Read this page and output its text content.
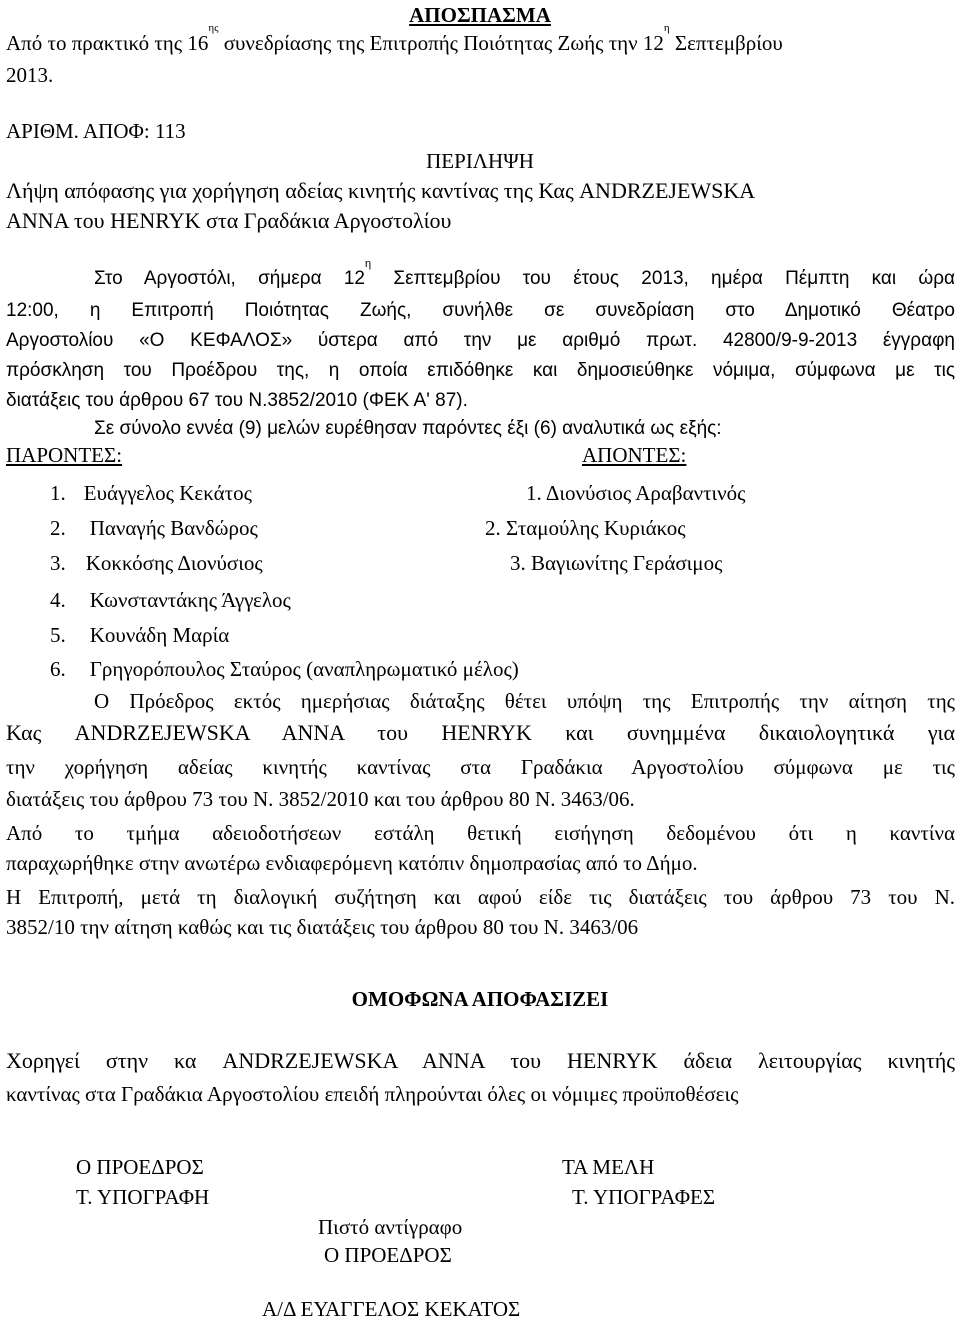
ΑΠΟΣΠΑΣΜΑ
Από το πρακτικό της $16^{\eta\varsigma}$ συνεδρίασης της Επιτροπής Ποιότητας Ζωής την $12^\eta$ Σεπτεμβρίου
2013.
ΑΡΙΘΜ. ΑΠΟΦ: 113
ΠΕΡΙΛΗΨΗ
Λήψη απόφασης για χορήγηση αδείας κινητής καντίνας της Κας ANDRZEJEWSKA
ANNA του HENRYK στα Γραδάκια Αργοστολίου
Στο Αργοστόλι, σήμερα $12^\eta$ Σεπτεμβρίου του έτους 2013, ημέρα Πέμπτη και ώρα
12:00, η Επιτροπή Ποιότητας Ζωής, συνήλθε σε συνεδρίαση στο Δημοτικό Θέατρο
Αργοστολίου «Ο ΚΕΦΑΛΟΣ» ύστερα από την με αριθμό πρωτ. 42800/9-9-2013 έγγραφη
πρόσκληση του Προέδρου της, η οποία επιδόθηκε και δημοσιεύθηκε νόμιμα, σύμφωνα με τις
διατάξεις του άρθρου 67 του Ν.3852/2010 (ΦΕΚ Α' 87).
Σε σύνολο εννέα (9) μελών ευρέθησαν παρόντες έξι (6) αναλυτικά ως εξής:
ΠΑΡΟΝΤΕΣ:	ΑΠΟΝΤΕΣ:
1. Ευάγγελος Κεκάτος
2. Παναγής Βανδώρος
3. Κοκκόσης Διονύσιος
4. Κωνσταντάκης Άγγελος
5. Κουνάδη Μαρία
6. Γρηγορόπουλος Σταύρος (αναπληρωματικό μέλος)
1. Διονύσιος Αραβαντινός
2. Σταμούλης Κυριάκος
3. Βαγιωνίτης Γεράσιμος
Ο Πρόεδρος εκτός ημερήσιας διάταξης θέτει υπόψη της Επιτροπής την αίτηση της
Κας ANDRZEJEWSKA ANNA του HENRYK και συνημμένα δικαιολογητικά για
την χορήγηση αδείας κινητής καντίνας στα Γραδάκια Αργοστολίου σύμφωνα με τις
διατάξεις του άρθρου 73 του Ν. 3852/2010 και του άρθρου 80 Ν. 3463/06.
Από το τμήμα αδειοδοτήσεων εστάλη θετική εισήγηση δεδομένου ότι η καντίνα
παραχωρήθηκε στην ανωτέρω ενδιαφερόμενη κατόπιν δημοπρασίας από το Δήμο.
Η Επιτροπή, μετά τη διαλογική συζήτηση και αφού είδε τις διατάξεις του άρθρου 73 του Ν.
3852/10 την αίτηση καθώς και τις διατάξεις του άρθρου 80 του Ν. 3463/06
ΟΜΟΦΩΝΑ ΑΠΟΦΑΣΙΖΕΙ
Χορηγεί στην κα ANDRZEJEWSKA ANNA του HENRYK άδεια λειτουργίας κινητής
καντίνας στα Γραδάκια Αργοστολίου επειδή πληρούνται όλες οι νόμιμες προϋποθέσεις
Ο ΠΡΟΕΔΡΟΣ
Τ. ΥΠΟΓΡΑΦΗ
ΤΑ ΜΕΛΗ
Τ. ΥΠΟΓΡΑΦΕΣ
Πιστό αντίγραφο
Ο ΠΡΟΕΔΡΟΣ
Α/Δ ΕΥΑΓΓΕΛΟΣ ΚΕΚΑΤΟΣ
